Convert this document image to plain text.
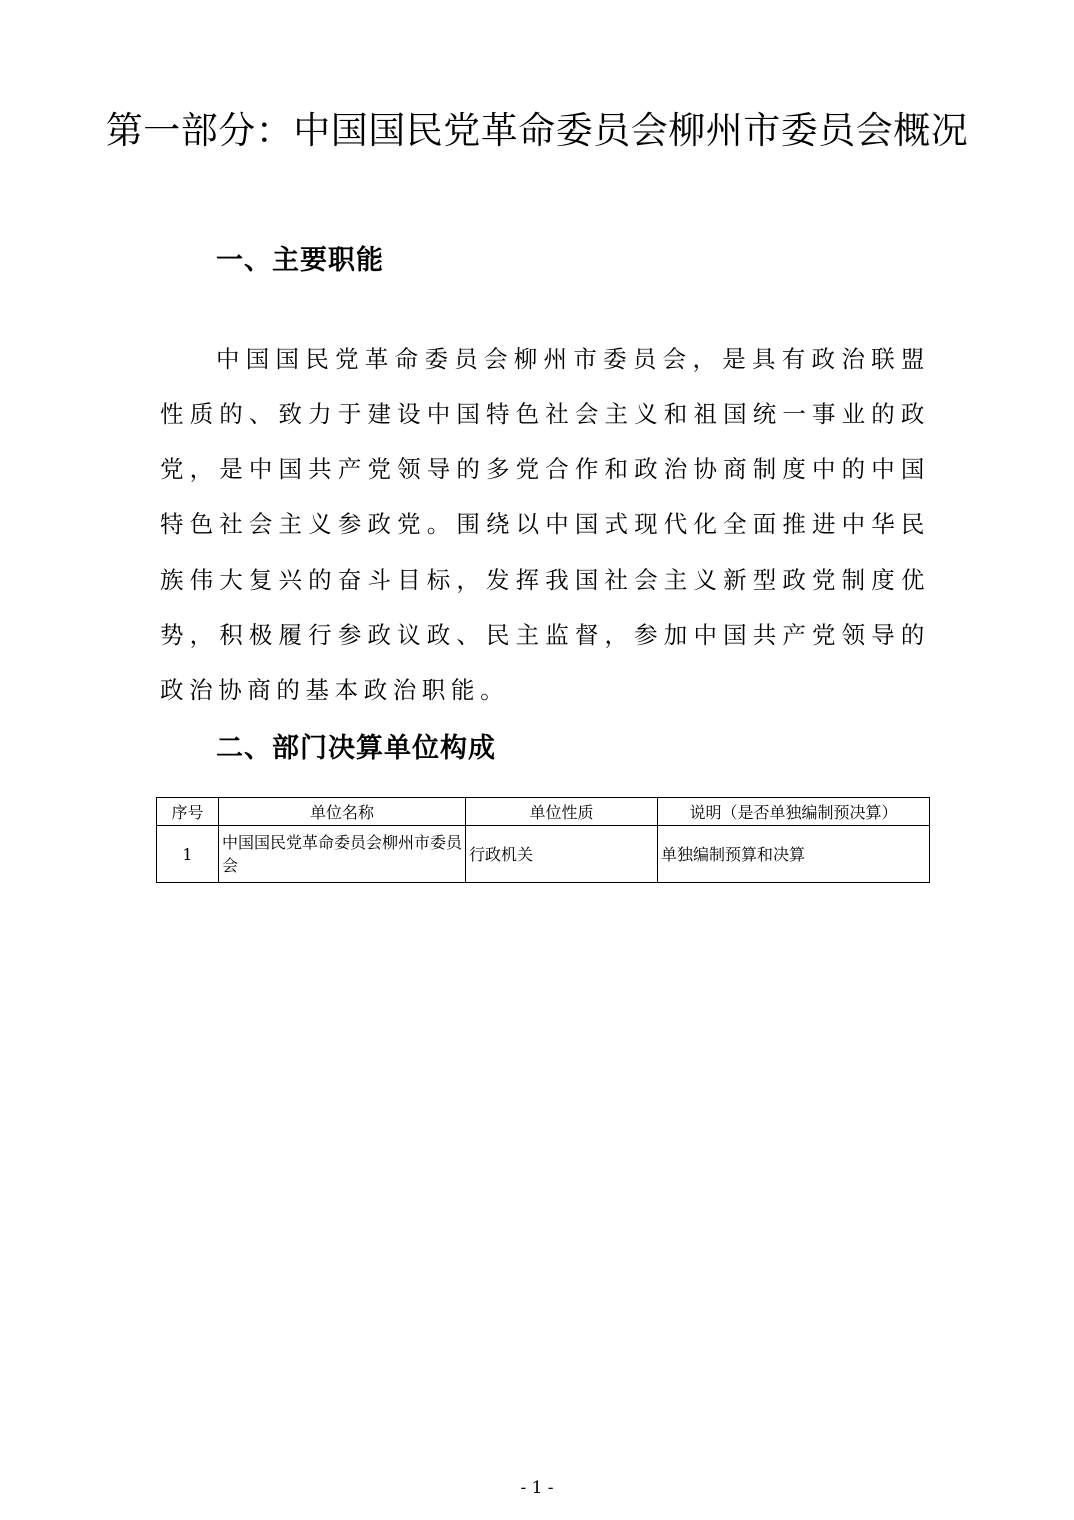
第一部分：中国国民党革命委员会柳州市委员会概况
一、主要职能

中国国民党革命委员会柳州市委员会，是具有政治联盟性质的、致力于建设中国特色社会主义和祖国统一事业的政党，是中国共产党领导的多党合作和政治协商制度中的中国特色社会主义参政党。围绕以中国式现代化全面推进中华民族伟大复兴的奋斗目标，发挥我国社会主义新型政党制度优势，积极履行参政议政、民主监督，参加中国共产党领导的政治协商的基本政治职能。

二、部门决算单位构成
序号	单位名称	单位性质	说明（是否单独编制预决算）
1	中国国民党革命委员会柳州市委员会	行政机关	单独编制预算和决算
- 1 -
